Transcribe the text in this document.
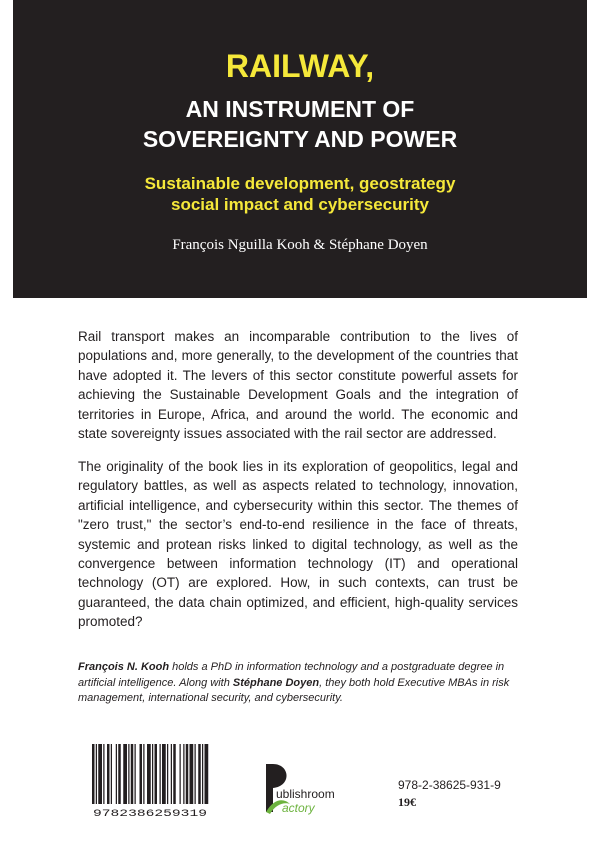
RAILWAY,
AN INSTRUMENT OF
SOVEREIGNTY AND POWER
Sustainable development, geostrategy
social impact and cybersecurity
François Nguilla Kooh & Stéphane Doyen

Rail transport makes an incomparable contribution to the lives of populations and, more generally, to the development of the countries that have adopted it. The levers of this sector constitute powerful assets for achieving the Sustainable Development Goals and the integration of territories in Europe, Africa, and around the world. The economic and state sovereignty issues associated with the rail sector are addressed.

The originality of the book lies in its exploration of geopolitics, legal and regulatory battles, as well as aspects related to technology, innovation, artificial intelligence, and cybersecurity within this sector. The themes of "zero trust," the sector’s end-to-end resilience in the face of threats, systemic and protean risks linked to digital technology, as well as the convergence between information technology (IT) and operational technology (OT) are explored. How, in such contexts, can trust be guaranteed, the data chain optimized, and efficient, high-quality services promoted?

François N. Kooh holds a PhD in information technology and a postgraduate degree in artificial intelligence. Along with Stéphane Doyen, they both hold Executive MBAs in risk management, international security, and cybersecurity.

9782386259319
ublishroom
actory
978-2-38625-931-9
19€
